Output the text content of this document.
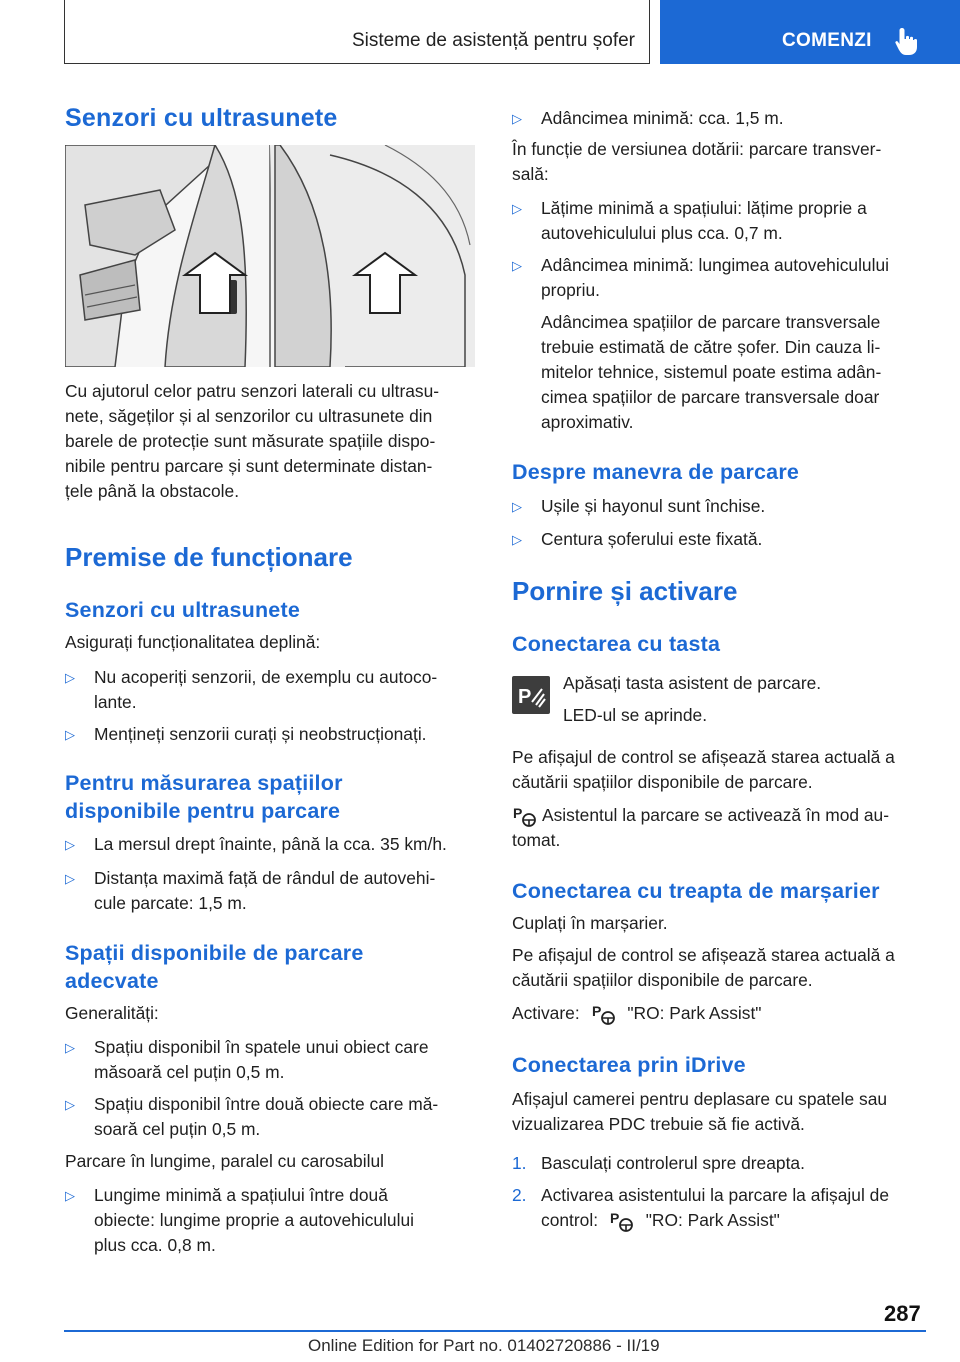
Sisteme de asistență pentru șofer	COMENZI
Senzori cu ultrasunete
Cu ajutorul celor patru senzori laterali cu ultrasu-
nete, săgeților și al senzorilor cu ultrasunete din
barele de protecție sunt măsurate spațiile dispo-
nibile pentru parcare și sunt determinate distan-
țele până la obstacole.
Premise de funcționare
Senzori cu ultrasunete
Asigurați funcționalitatea deplină:
▷	Nu acoperiți senzorii, de exemplu cu autoco-
lante.
▷	Mențineți senzorii curați și neobstrucționați.
Pentru măsurarea spațiilor
disponibile pentru parcare
▷	La mersul drept înainte, până la cca. 35 km/h.
▷	Distanța maximă față de rândul de autovehi-
cule parcate: 1,5 m.
Spații disponibile de parcare
adecvate
Generalități:
▷	Spațiu disponibil în spatele unui obiect care
măsoară cel puțin 0,5 m.
▷	Spațiu disponibil între două obiecte care mă-
soară cel puțin 0,5 m.
Parcare în lungime, paralel cu carosabilul
▷	Lungime minimă a spațiului între două
obiecte: lungime proprie a autovehiculului
plus cca. 0,8 m.
▷	Adâncimea minimă: cca. 1,5 m.
În funcție de versiunea dotării: parcare transver-
sală:
▷	Lățime minimă a spațiului: lățime proprie a
autovehiculului plus cca. 0,7 m.
▷	Adâncimea minimă: lungimea autovehiculului
propriu.
Adâncimea spațiilor de parcare transversale
trebuie estimată de către șofer. Din cauza li-
mitelor tehnice, sistemul poate estima adân-
cimea spațiilor de parcare transversale doar
aproximativ.
Despre manevra de parcare
▷	Ușile și hayonul sunt închise.
▷	Centura șoferului este fixată.
Pornire și activare
Conectarea cu tasta
P
Apăsați tasta asistent de parcare.
LED-ul se aprinde.
Pe afișajul de control se afișează starea actuală a
căutării spațiilor disponibile de parcare.
P Asistentul la parcare se activează în mod au-
tomat.
Conectarea cu treapta de marșarier
Cuplați în marșarier.
Pe afișajul de control se afișează starea actuală a
căutării spațiilor disponibile de parcare.
Activare: P "RO: Park Assist"
Conectarea prin iDrive
Afișajul camerei pentru deplasare cu spatele sau
vizualizarea PDC trebuie să fie activă.
1. Basculați controlerul spre dreapta.
2. Activarea asistentului la parcare la afișajul de
control: P "RO: Park Assist"
287
Online Edition for Part no. 01402720886 - II/19
